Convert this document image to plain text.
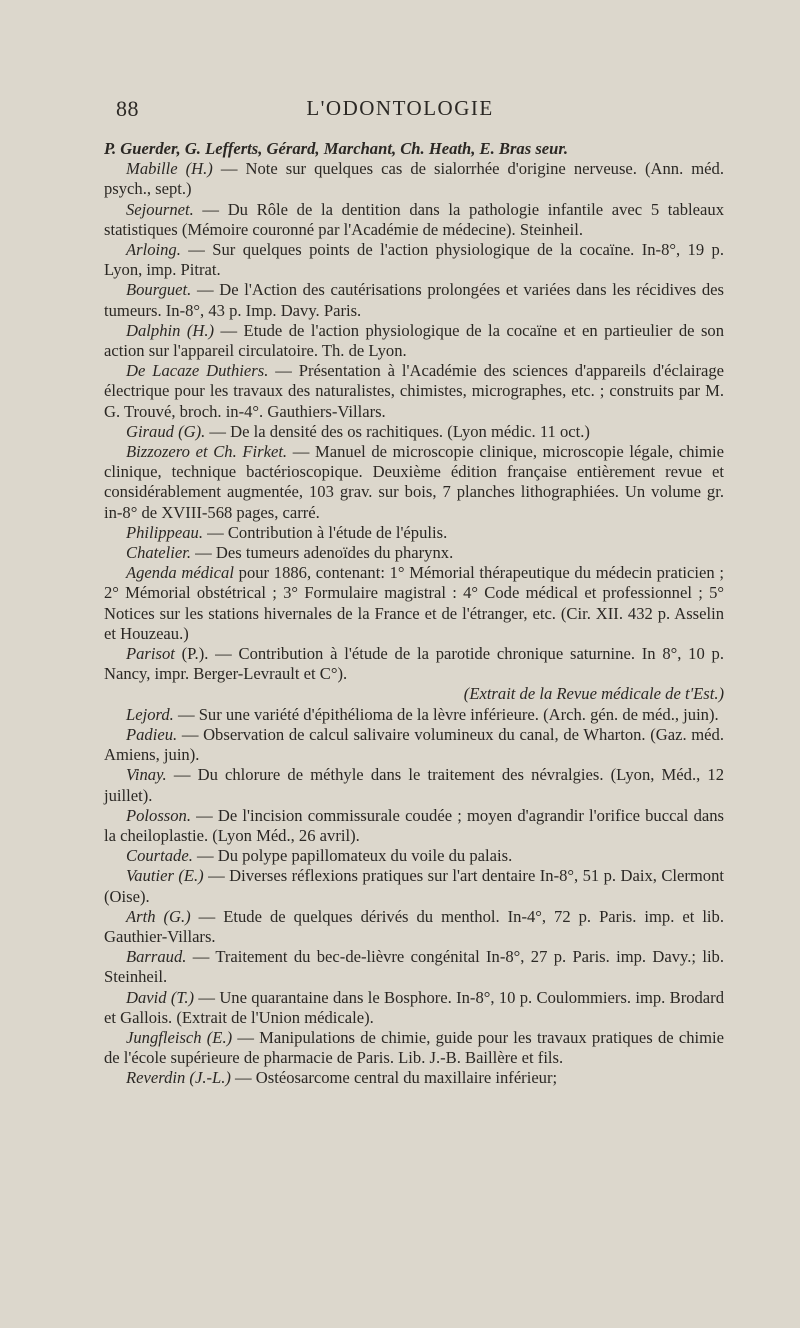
88	L'ODONTOLOGIE

P. Guerder, G. Lefferts, Gérard, Marchant, Ch. Heath, E. Bras seur.

Mabille (H.) — Note sur quelques cas de sialorrhée d'origine nerveuse. (Ann. méd. psych., sept.)

Sejournet. — Du Rôle de la dentition dans la pathologie infantile avec 5 tableaux statistiques (Mémoire couronné par l'Académie de médecine). Steinheil.

Arloing. — Sur quelques points de l'action physiologique de la cocaïne. In-8°, 19 p. Lyon, imp. Pitrat.

Bourguet. — De l'Action des cautérisations prolongées et variées dans les récidives des tumeurs. In-8°, 43 p. Imp. Davy. Paris.

Dalphin (H.) — Etude de l'action physiologique de la cocaïne et en partieulier de son action sur l'appareil circulatoire. Th. de Lyon.

De Lacaze Duthiers. — Présentation à l'Académie des sciences d'appareils d'éclairage électrique pour les travaux des naturalistes, chimistes, micrographes, etc. ; construits par M. G. Trouvé, broch. in-4°. Gauthiers-Villars.

Giraud (G). — De la densité des os rachitiques. (Lyon médic. 11 oct.)

Bizzozero et Ch. Firket. — Manuel de microscopie clinique, microscopie légale, chimie clinique, technique bactérioscopique. Deuxième édition française entièrement revue et considérablement augmentée, 103 grav. sur bois, 7 planches lithographiées. Un volume gr. in-8° de XVIII-568 pages, carré.

Philippeau. — Contribution à l'étude de l'épulis.

Chatelier. — Des tumeurs adenoïdes du pharynx.

Agenda médical pour 1886, contenant: 1° Mémorial thérapeutique du médecin praticien ; 2° Mémorial obstétrical ; 3° Formulaire magistral : 4° Code médical et professionnel ; 5° Notices sur les stations hivernales de la France et de l'étranger, etc. (Cir. XII. 432 p. Asselin et Houzeau.)

Parisot (P.). — Contribution à l'étude de la parotide chronique saturnine. In 8°, 10 p. Nancy, impr. Berger-Levrault et C°).

(Extrait de la Revue médicale de t'Est.)

Lejord. — Sur une variété d'épithélioma de la lèvre inférieure. (Arch. gén. de méd., juin).

Padieu. — Observation de calcul salivaire volumineux du canal, de Wharton. (Gaz. méd. Amiens, juin).

Vinay. — Du chlorure de méthyle dans le traitement des névralgies. (Lyon, Méd., 12 juillet).

Polosson. — De l'incision commissurale coudée ; moyen d'agrandir l'orifice buccal dans la cheiloplastie. (Lyon Méd., 26 avril).

Courtade. — Du polype papillomateux du voile du palais.

Vautier (E.) — Diverses réflexions pratiques sur l'art dentaire In-8°, 51 p. Daix, Clermont (Oise).

Arth (G.) — Etude de quelques dérivés du menthol. In-4°, 72 p. Paris. imp. et lib. Gauthier-Villars.

Barraud. — Traitement du bec-de-lièvre congénital In-8°, 27 p. Paris. imp. Davy.; lib. Steinheil.

David (T.) — Une quarantaine dans le Bosphore. In-8°, 10 p. Coulommiers. imp. Brodard et Gallois. (Extrait de l'Union médicale).

Jungfleisch (E.) — Manipulations de chimie, guide pour les travaux pratiques de chimie de l'école supérieure de pharmacie de Paris. Lib. J.-B. Baillère et fils.

Reverdin (J.-L.) — Ostéosarcome central du maxillaire inférieur;
